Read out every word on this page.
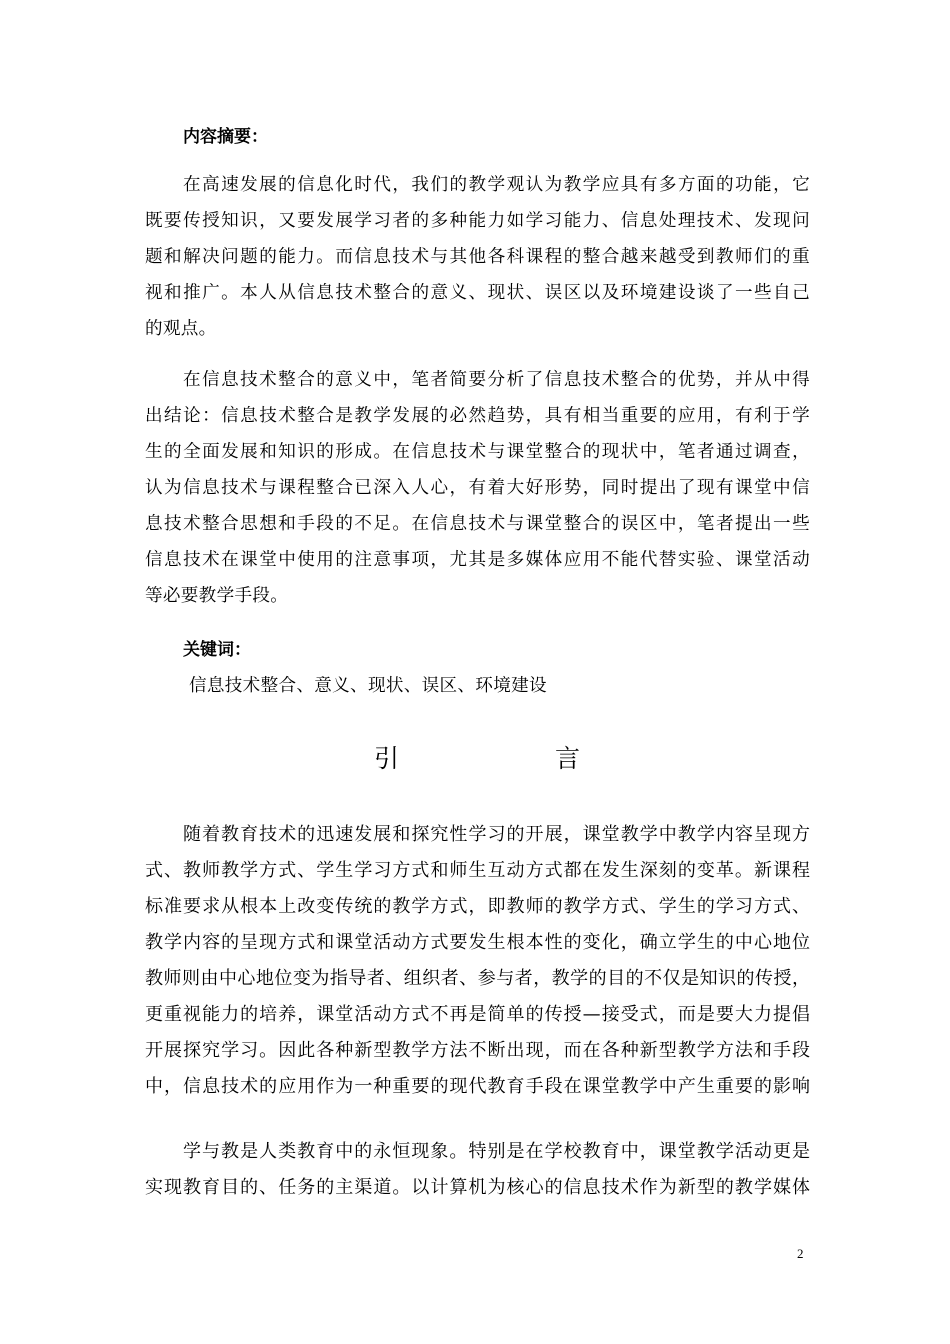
内容摘要：
在高速发展的信息化时代，我们的教学观认为教学应具有多方面的功能，它
既要传授知识，又要发展学习者的多种能力如学习能力、信息处理技术、发现问
题和解决问题的能力。而信息技术与其他各科课程的整合越来越受到教师们的重
视和推广。本人从信息技术整合的意义、现状、误区以及环境建设谈了一些自己
的观点。
在信息技术整合的意义中，笔者简要分析了信息技术整合的优势，并从中得
出结论：信息技术整合是教学发展的必然趋势，具有相当重要的应用，有利于学
生的全面发展和知识的形成。在信息技术与课堂整合的现状中，笔者通过调查，
认为信息技术与课程整合已深入人心，有着大好形势，同时提出了现有课堂中信
息技术整合思想和手段的不足。在信息技术与课堂整合的误区中，笔者提出一些
信息技术在课堂中使用的注意事项，尤其是多媒体应用不能代替实验、课堂活动
等必要教学手段。
关键词：
信息技术整合、意义、现状、误区、环境建设
引	言
随着教育技术的迅速发展和探究性学习的开展，课堂教学中教学内容呈现方
式、教师教学方式、学生学习方式和师生互动方式都在发生深刻的变革。新课程
标准要求从根本上改变传统的教学方式，即教师的教学方式、学生的学习方式、
教学内容的呈现方式和课堂活动方式要发生根本性的变化，确立学生的中心地位
教师则由中心地位变为指导者、组织者、参与者，教学的目的不仅是知识的传授，
更重视能力的培养，课堂活动方式不再是简单的传授—接受式，而是要大力提倡
开展探究学习。因此各种新型教学方法不断出现，而在各种新型教学方法和手段
中，信息技术的应用作为一种重要的现代教育手段在课堂教学中产生重要的影响
学与教是人类教育中的永恒现象。特别是在学校教育中，课堂教学活动更是
实现教育目的、任务的主渠道。以计算机为核心的信息技术作为新型的教学媒体
2
